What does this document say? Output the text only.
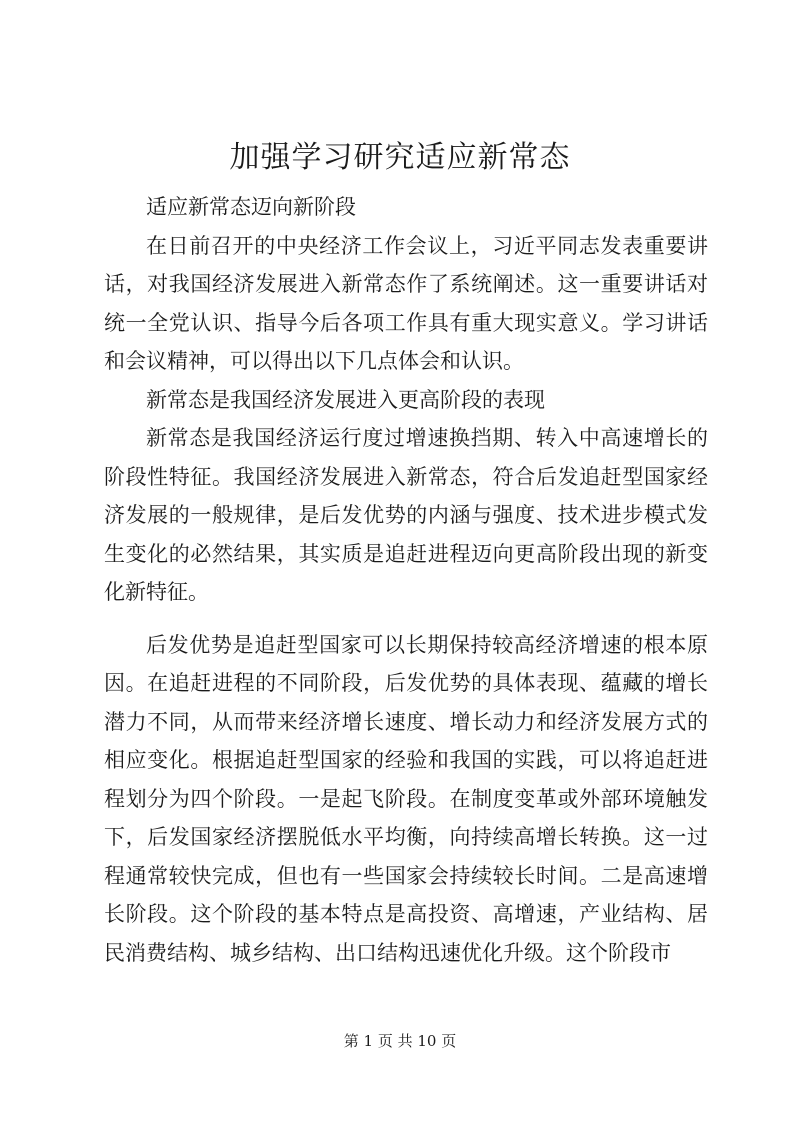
加强学习研究适应新常态

适应新常态迈向新阶段

在日前召开的中央经济工作会议上，习近平同志发表重要讲话，对我国经济发展进入新常态作了系统阐述。这一重要讲话对统一全党认识、指导今后各项工作具有重大现实意义。学习讲话和会议精神，可以得出以下几点体会和认识。

新常态是我国经济发展进入更高阶段的表现

新常态是我国经济运行度过增速换挡期、转入中高速增长的阶段性特征。我国经济发展进入新常态，符合后发追赶型国家经济发展的一般规律，是后发优势的内涵与强度、技术进步模式发生变化的必然结果，其实质是追赶进程迈向更高阶段出现的新变化新特征。

后发优势是追赶型国家可以长期保持较高经济增速的根本原因。在追赶进程的不同阶段，后发优势的具体表现、蕴藏的增长潜力不同，从而带来经济增长速度、增长动力和经济发展方式的相应变化。根据追赶型国家的经验和我国的实践，可以将追赶进程划分为四个阶段。一是起飞阶段。在制度变革或外部环境触发下，后发国家经济摆脱低水平均衡，向持续高增长转换。这一过程通常较快完成，但也有一些国家会持续较长时间。二是高速增长阶段。这个阶段的基本特点是高投资、高增速，产业结构、居民消费结构、城乡结构、出口结构迅速优化升级。这个阶段市

第 1 页 共 10 页
